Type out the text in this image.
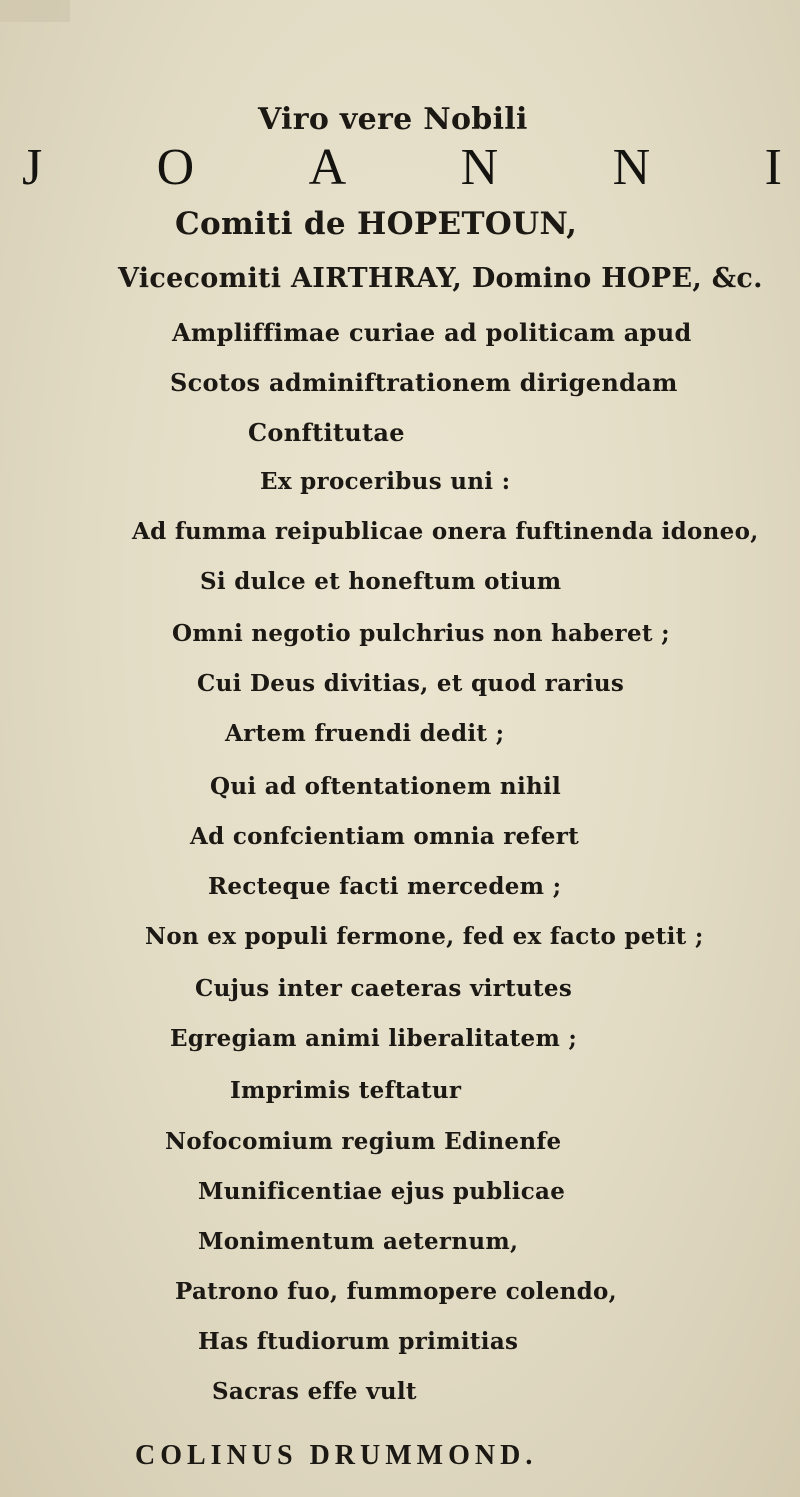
Viro vere Nobili

J O A N N I

Comiti de HOPETOUN,

Vicecomiti AIRTHRAY, Domino HOPE, &c.

Ampliffimae curiae ad politicam apud

Scotos adminiftrationem dirigendam

Conftitutae

Ex proceribus uni :

Ad fumma reipublicae onera fuftinenda idoneo,

Si dulce et honeftum otium

Omni negotio pulchrius non haberet ;

Cui Deus divitias, et quod rarius

Artem fruendi dedit ;

Qui ad oftentationem nihil

Ad confcientiam omnia refert

Recteque facti mercedem ;

Non ex populi fermone, fed ex facto petit ;

Cujus inter caeteras virtutes

Egregiam animi liberalitatem ;

Imprimis teftatur

Nofocomium regium Edinenfe

Munificentiae ejus publicae

Monimentum aeternum,

Patrono fuo, fummopere colendo,

Has ftudiorum primitias

Sacras effe vult

COLINUS DRUMMOND.
